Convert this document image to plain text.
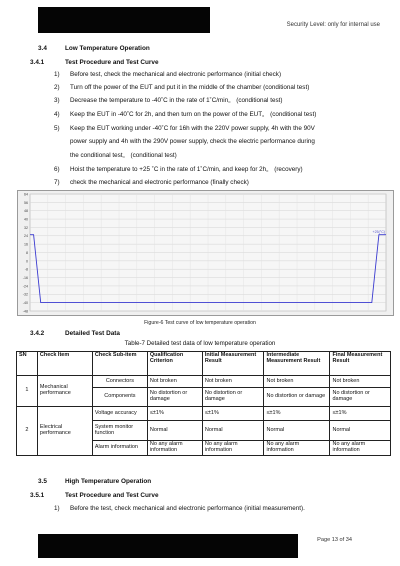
Security Level: only for internal use
3.4	Low Temperature Operation
3.4.1	Test Procedure and Test Curve
1) Before test, check the mechanical and electronic performance (initial check)
2) Turn off the power of the EUT and put it in the middle of the chamber (conditional test)
3) Decrease the temperature to -40˚C in the rate of 1˚C/min。 (conditional test)
4) Keep the EUT in -40˚C for 2h, and then turn on the power of the EUT。 (conditional test)
5) Keep the EUT working under -40˚C for 16h with the 220V power supply, 4h with the 90V
power supply and 4h with the 290V power supply, check the electric performance during
the conditional test。 (conditional test)
6) Hoist the temperature to +25 ˚C in the rate of 1˚C/min, and keep for 2h。 (recovery)
7) check the mechanical and electronic performance (finally check)
64
56
48
40
32
24
16
8
0
-8
-16
-24
-32
-40
-48
+25(°C)
Figure-6 Test curve of low temperature operation
3.4.2	Detailed Test Data
Table-7 Detailed test data of low temperature operation
SN	Check Item	Check Sub-item	Qualification Criterion	Initial Measurement Result	Intermediate Measurement Result	Final Measurement Result
1	Mechanical performance	Connectors	Not broken	Not broken	Not broken	Not broken
		Components	No distortion or damage	No distortion or damage	No distortion or damage	No distortion or damage
2	Electrical performance	Voltage accuracy	≤±1%	≤±1%	≤±1%	≤±1%
		System monitor function	Normal	Normal	Normal	Normal
		Alarm information	No any alarm information	No any alarm information	No any alarm information	No any alarm information
3.5	High Temperature Operation
3.5.1	Test Procedure and Test Curve
1) Before the test, check mechanical and electronic performance (initial measurement).
Page 13 of 34
